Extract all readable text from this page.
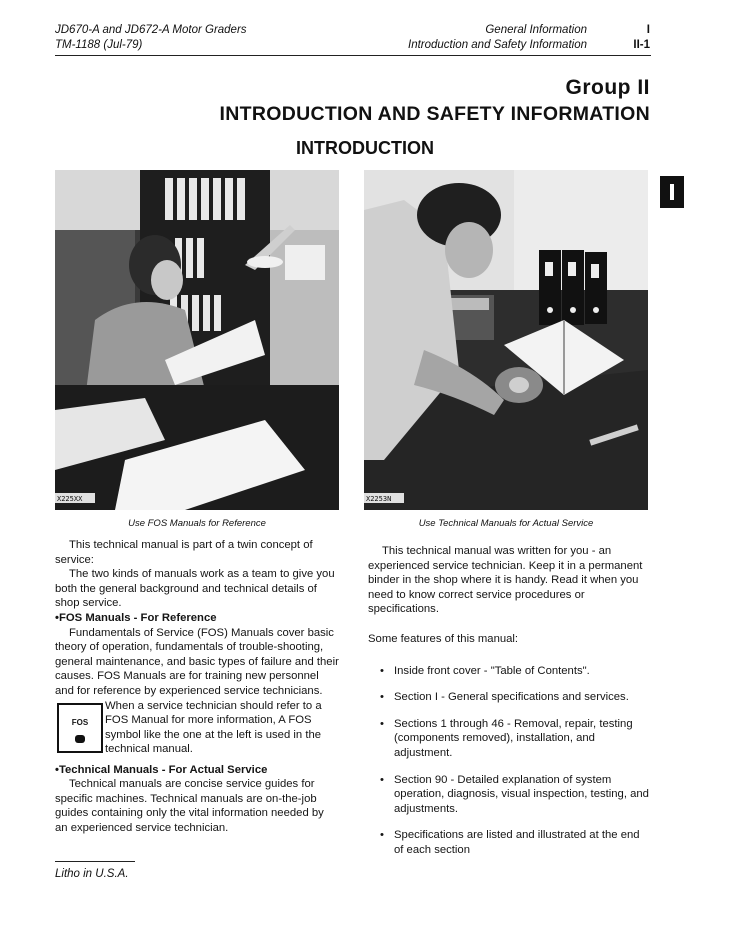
JD670-A and JD672-A Motor Graders
TM-1188 (Jul-79)
General Information
Introduction and Safety Information
I
II-1
Group II
INTRODUCTION AND SAFETY INFORMATION
INTRODUCTION
X225XX
Use FOS Manuals for Reference
X2253N
Use Technical Manuals for Actual Service

This technical manual is part of a twin concept of service:

The two kinds of manuals work as a team to give you both the general background and technical details of shop service.

•FOS Manuals - For Reference

Fundamentals of Service (FOS) Manuals cover basic theory of operation, fundamentals of trouble-shooting, general maintenance, and basic types of failure and their causes. FOS Manuals are for training new personnel and for reference by experienced service technicians.

FOS

When a service technician should refer to a FOS Manual for more information, A FOS symbol like the one at the left is used in the technical manual.

•Technical Manuals - For Actual Service

Technical manuals are concise service guides for specific machines. Technical manuals are on-the-job guides containing only the vital information needed by an experienced service technician.

This technical manual was written for you - an experienced service technician. Keep it in a permanent binder in the shop where it is handy. Read it when you need to know correct service procedures or specifications.

Some features of this manual:

• Inside front cover - "Table of Contents".
• Section I - General specifications and services.
• Sections 1 through 46 - Removal, repair, testing (components removed), installation, and adjustment.
• Section 90 - Detailed explanation of system operation, diagnosis, visual inspection, testing, and adjustments.
• Specifications are listed and illustrated at the end of each section
Litho in U.S.A.
